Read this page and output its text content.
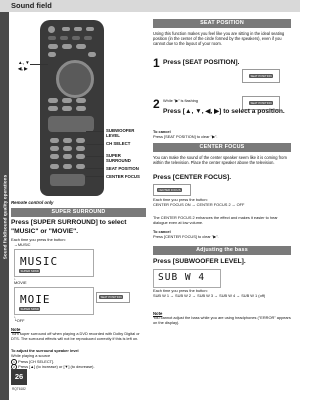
Sound field
Sound field/sound quality operations
▲, ▼
◀, ▶
SUBWOOFER LEVEL
CH SELECT
SUPER SURROUND
SEAT POSITION
CENTER FOCUS
Remote control only
SUPER SURROUND
Press [SUPER SURROUND] to select "MUSIC" or "MOVIE".
Each time you press the button:
→MUSIC
MUSIC
SUPER SRND
↓
MOVIE
MOIE
SUPER SRND
SEAT POSITION
↓
└OFF
Note
Turn super surround off when playing a DVD recorded with Dolby Digital or DTS. The surround effects will not be reproduced correctly if this is left on.
To adjust the surround speaker level
While playing a source
1 Press [CH SELECT].
2 Press [▲] (to increase) or [▼] (to decrease).
26
RQT6182
SEAT POSITION
Using this function makes you feel like you are sitting in the ideal seating position (in the center of the circle formed by the speakers), even if you cannot due to the layout of your room.
1 Press [SEAT POSITION].
SEAT POSITION
2 While "▶" is flashing	SEAT POSITION
Press [▲, ▼, ◀, ▶] to select a position.
To cancel
Press [SEAT POSITION] to clear "▶".
CENTER FOCUS
You can make the sound of the center speaker seem like it is coming from within the television. Place the center speaker above the television.
Press [CENTER FOCUS].
CENTER FOCUS
Each time you press the button:
CENTER FOCUS ON → CENTER FOCUS 2 → OFF
The CENTER FOCUS 2 enhances the effect and makes it easier to hear dialogue even at low volume.
To cancel
Press [CENTER FOCUS] to clear "▶".
Adjusting the bass
Press [SUBWOOFER LEVEL].
SUB W 4
Each time you press the button:
SUB W 1 → SUB W 2 → SUB W 3 → SUB W 4 → SUB W 1 (off)
Note
You cannot adjust the bass while you are using headphones ("ERROR" appears on the display).
